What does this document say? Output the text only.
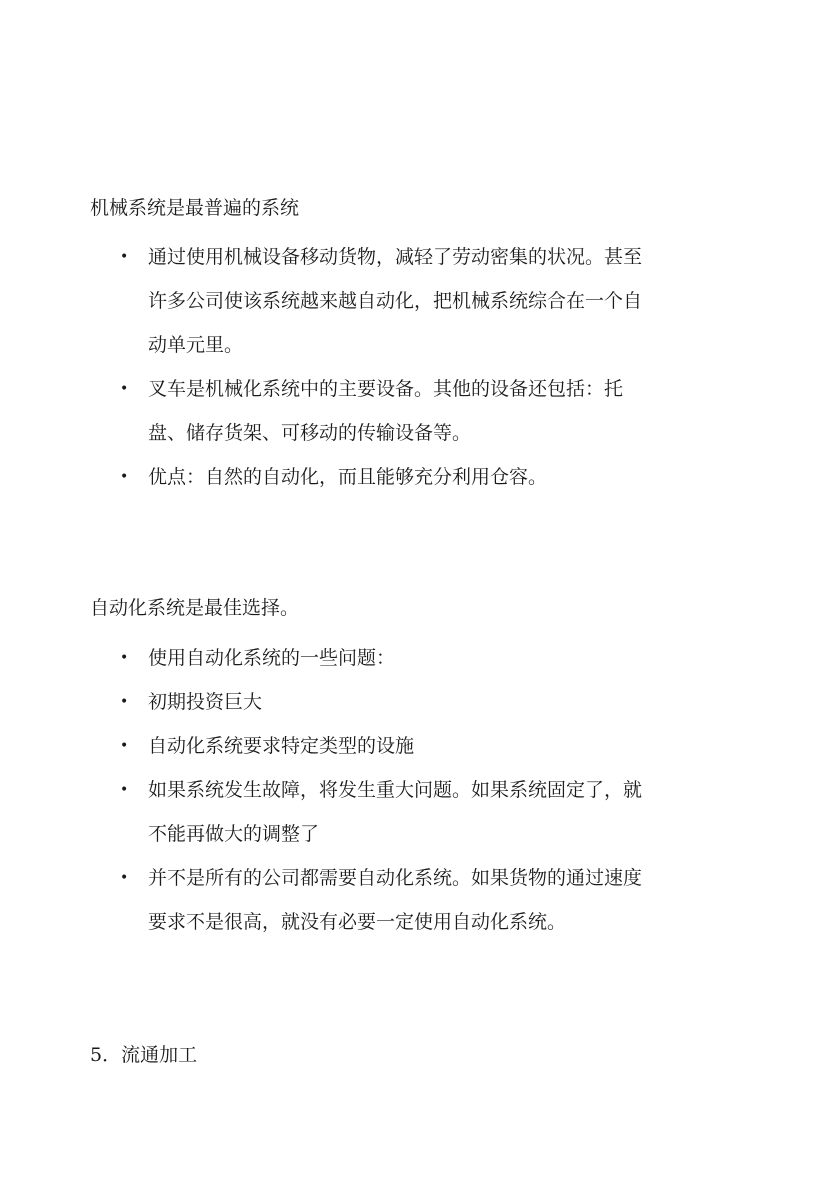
机械系统是最普遍的系统

• 通过使用机械设备移动货物，减轻了劳动密集的状况。甚至许多公司使该系统越来越自动化，把机械系统综合在一个自动单元里。
• 叉车是机械化系统中的主要设备。其他的设备还包括：托盘、储存货架、可移动的传输设备等。
• 优点：自然的自动化，而且能够充分利用仓容。

自动化系统是最佳选择。

• 使用自动化系统的一些问题：
• 初期投资巨大
• 自动化系统要求特定类型的设施
• 如果系统发生故障，将发生重大问题。如果系统固定了，就不能再做大的调整了
• 并不是所有的公司都需要自动化系统。如果货物的通过速度要求不是很高，就没有必要一定使用自动化系统。

5．流通加工
